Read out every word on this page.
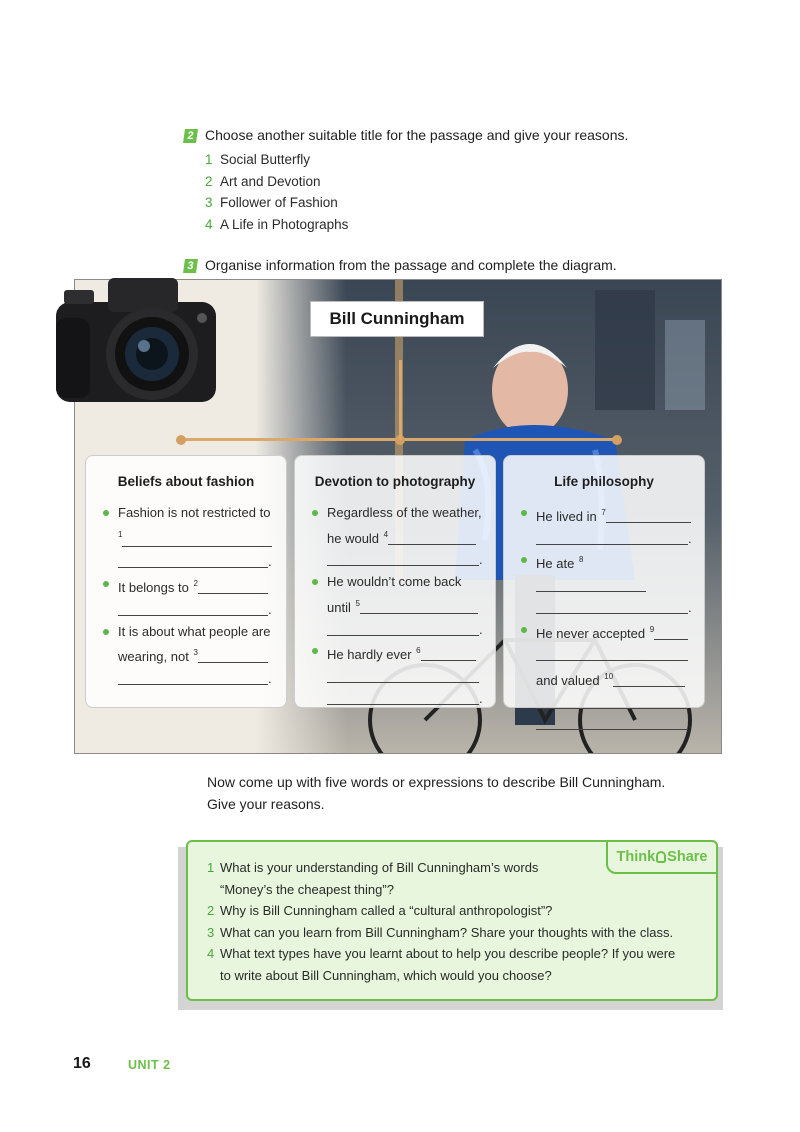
2 Choose another suitable title for the passage and give your reasons.
1 Social Butterfly
2 Art and Devotion
3 Follower of Fashion
4 A Life in Photographs
3 Organise information from the passage and complete the diagram.
Bill Cunningham
Beliefs about fashion
Fashion is not restricted to
$^1$
.
It belongs to $^2$
.
It is about what people are wearing, not $^3$
.
Devotion to photography
Regardless of the weather, he would $^4$
.
He wouldn’t come back until $^5$
.
He hardly ever $^6$

.
Life philosophy
He lived in $^7$
.
He ate $^8$
.
He never accepted $^9$

and valued $^{10}$

.
Now come up with five words or expressions to describe Bill Cunningham.
Give your reasons.
Think Share
1 What is your understanding of Bill Cunningham’s words
“Money’s the cheapest thing”?
2 Why is Bill Cunningham called a “cultural anthropologist”?
3 What can you learn from Bill Cunningham? Share your thoughts with the class.
4 What text types have you learnt about to help you describe people? If you were
to write about Bill Cunningham, which would you choose?
16	UNIT 2
